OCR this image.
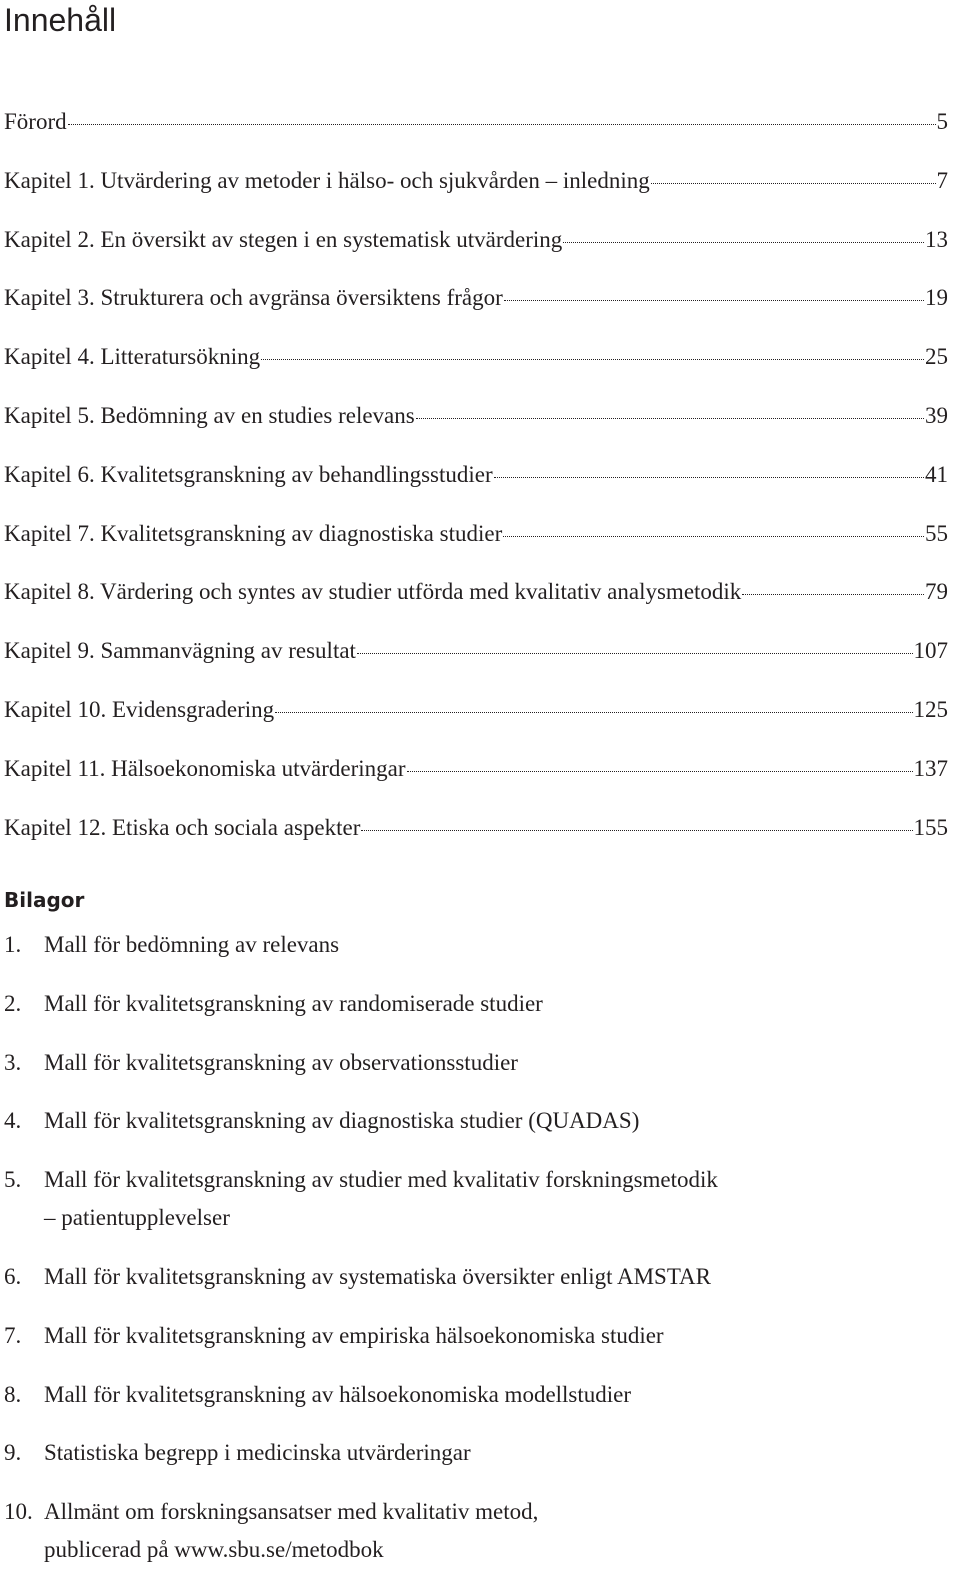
Innehåll
Förord	5
Kapitel 1. Utvärdering av metoder i hälso- och sjukvården – inledning	7
Kapitel 2. En översikt av stegen i en systematisk utvärdering	13
Kapitel 3. Strukturera och avgränsa översiktens frågor	19
Kapitel 4. Litteratursökning	25
Kapitel 5. Bedömning av en studies relevans	39
Kapitel 6. Kvalitetsgranskning av behandlingsstudier	41
Kapitel 7. Kvalitetsgranskning av diagnostiska studier	55
Kapitel 8. Värdering och syntes av studier utförda med kvalitativ analysmetodik	79
Kapitel 9. Sammanvägning av resultat	107
Kapitel 10. Evidensgradering	125
Kapitel 11. Hälsoekonomiska utvärderingar	137
Kapitel 12. Etiska och sociala aspekter	155
Bilagor
1. Mall för bedömning av relevans
2. Mall för kvalitetsgranskning av randomiserade studier
3. Mall för kvalitetsgranskning av observationsstudier
4. Mall för kvalitetsgranskning av diagnostiska studier (QUADAS)
5. Mall för kvalitetsgranskning av studier med kvalitativ forskningsmetodik
– patientupplevelser
6. Mall för kvalitetsgranskning av systematiska översikter enligt AMSTAR
7. Mall för kvalitetsgranskning av empiriska hälsoekonomiska studier
8. Mall för kvalitetsgranskning av hälsoekonomiska modellstudier
9. Statistiska begrepp i medicinska utvärderingar
10. Allmänt om forskningsansatser med kvalitativ metod,
publicerad på www.sbu.se/metodbok
